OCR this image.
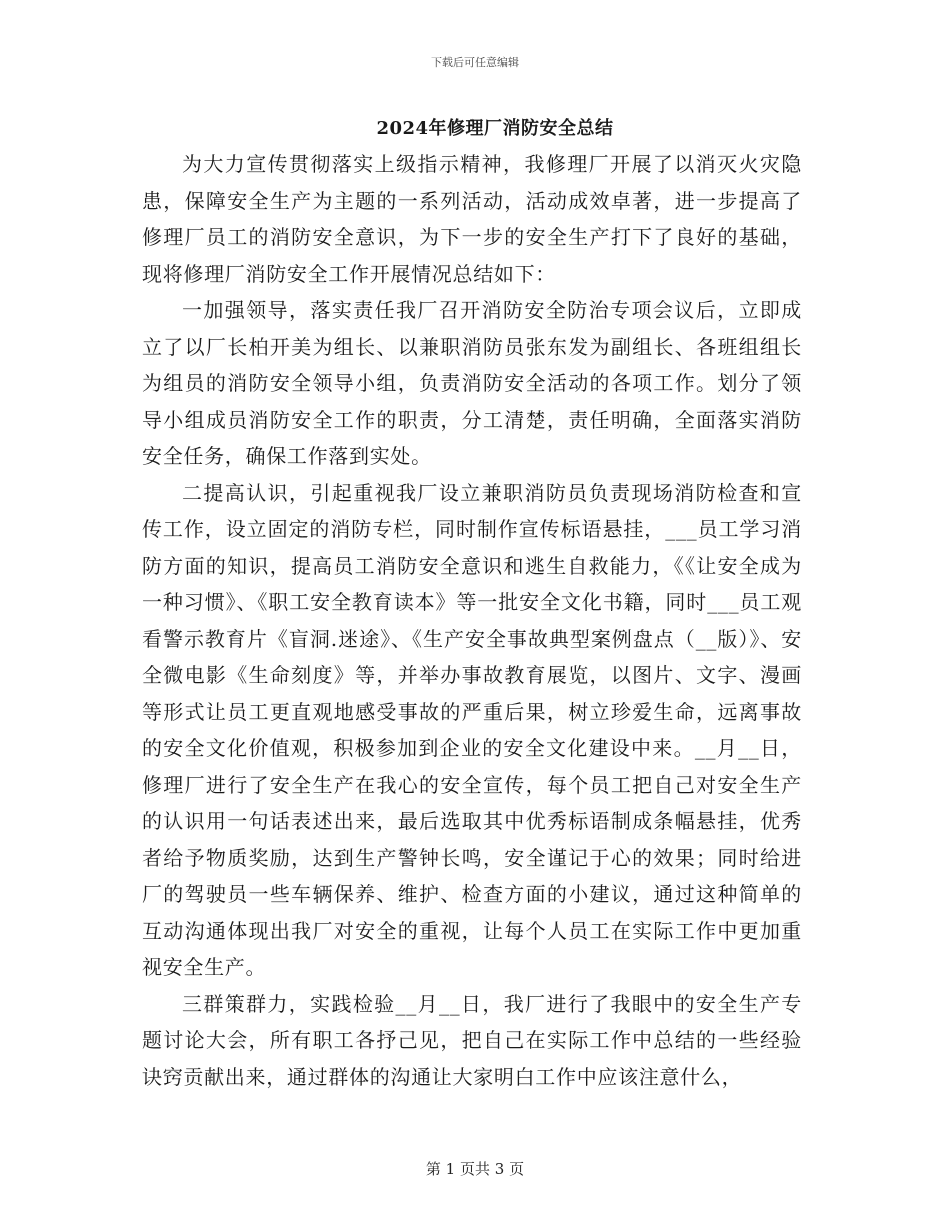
下载后可任意编辑
2024年修理厂消防安全总结

为大力宣传贯彻落实上级指示精神，我修理厂开展了以消灭火灾隐患，保障安全生产为主题的一系列活动，活动成效卓著，进一步提高了修理厂员工的消防安全意识，为下一步的安全生产打下了良好的基础，现将修理厂消防安全工作开展情况总结如下：

一加强领导，落实责任我厂召开消防安全防治专项会议后，立即成立了以厂长柏开美为组长、以兼职消防员张东发为副组长、各班组组长为组员的消防安全领导小组，负责消防安全活动的各项工作。划分了领导小组成员消防安全工作的职责，分工清楚，责任明确，全面落实消防安全任务，确保工作落到实处。

二提高认识，引起重视我厂设立兼职消防员负责现场消防检查和宣传工作，设立固定的消防专栏，同时制作宣传标语悬挂，___员工学习消防方面的知识，提高员工消防安全意识和逃生自救能力，《《让安全成为一种习惯》、《职工安全教育读本》等一批安全文化书籍，同时___员工观看警示教育片《盲洞.迷途》、《生产安全事故典型案例盘点（__版）》、安全微电影《生命刻度》等，并举办事故教育展览，以图片、文字、漫画等形式让员工更直观地感受事故的严重后果，树立珍爱生命，远离事故的安全文化价值观，积极参加到企业的安全文化建设中来。__月__日，修理厂进行了安全生产在我心的安全宣传，每个员工把自己对安全生产的认识用一句话表述出来，最后选取其中优秀标语制成条幅悬挂，优秀者给予物质奖励，达到生产警钟长鸣，安全谨记于心的效果；同时给进厂的驾驶员一些车辆保养、维护、检查方面的小建议，通过这种简单的互动沟通体现出我厂对安全的重视，让每个人员工在实际工作中更加重视安全生产。

三群策群力，实践检验__月__日，我厂进行了我眼中的安全生产专题讨论大会，所有职工各抒己见，把自己在实际工作中总结的一些经验诀窍贡献出来，通过群体的沟通让大家明白工作中应该注意什么，

第 1 页共 3 页
